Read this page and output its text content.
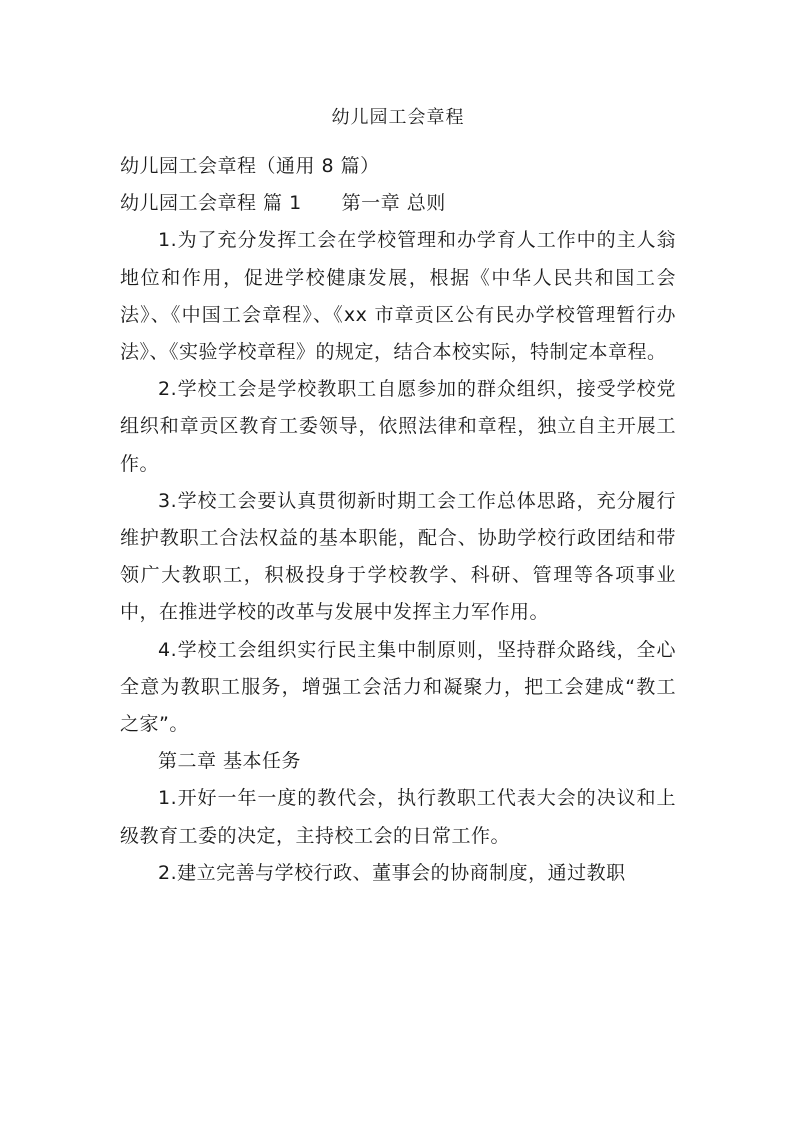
幼儿园工会章程

幼儿园工会章程（通用 8 篇）

幼儿园工会章程 篇 1 第一章 总则

1.为了充分发挥工会在学校管理和办学育人工作中的主人翁地位和作用，促进学校健康发展，根据《中华人民共和国工会法》、《中国工会章程》、《xx 市章贡区公有民办学校管理暂行办法》、《实验学校章程》的规定，结合本校实际，特制定本章程。

2.学校工会是学校教职工自愿参加的群众组织，接受学校党组织和章贡区教育工委领导，依照法律和章程，独立自主开展工作。

3.学校工会要认真贯彻新时期工会工作总体思路，充分履行维护教职工合法权益的基本职能，配合、协助学校行政团结和带领广大教职工，积极投身于学校教学、科研、管理等各项事业中，在推进学校的改革与发展中发挥主力军作用。

4.学校工会组织实行民主集中制原则，坚持群众路线，全心全意为教职工服务，增强工会活力和凝聚力，把工会建成“教工之家”。

第二章 基本任务

1.开好一年一度的教代会，执行教职工代表大会的决议和上级教育工委的决定，主持校工会的日常工作。

2.建立完善与学校行政、董事会的协商制度，通过教职
